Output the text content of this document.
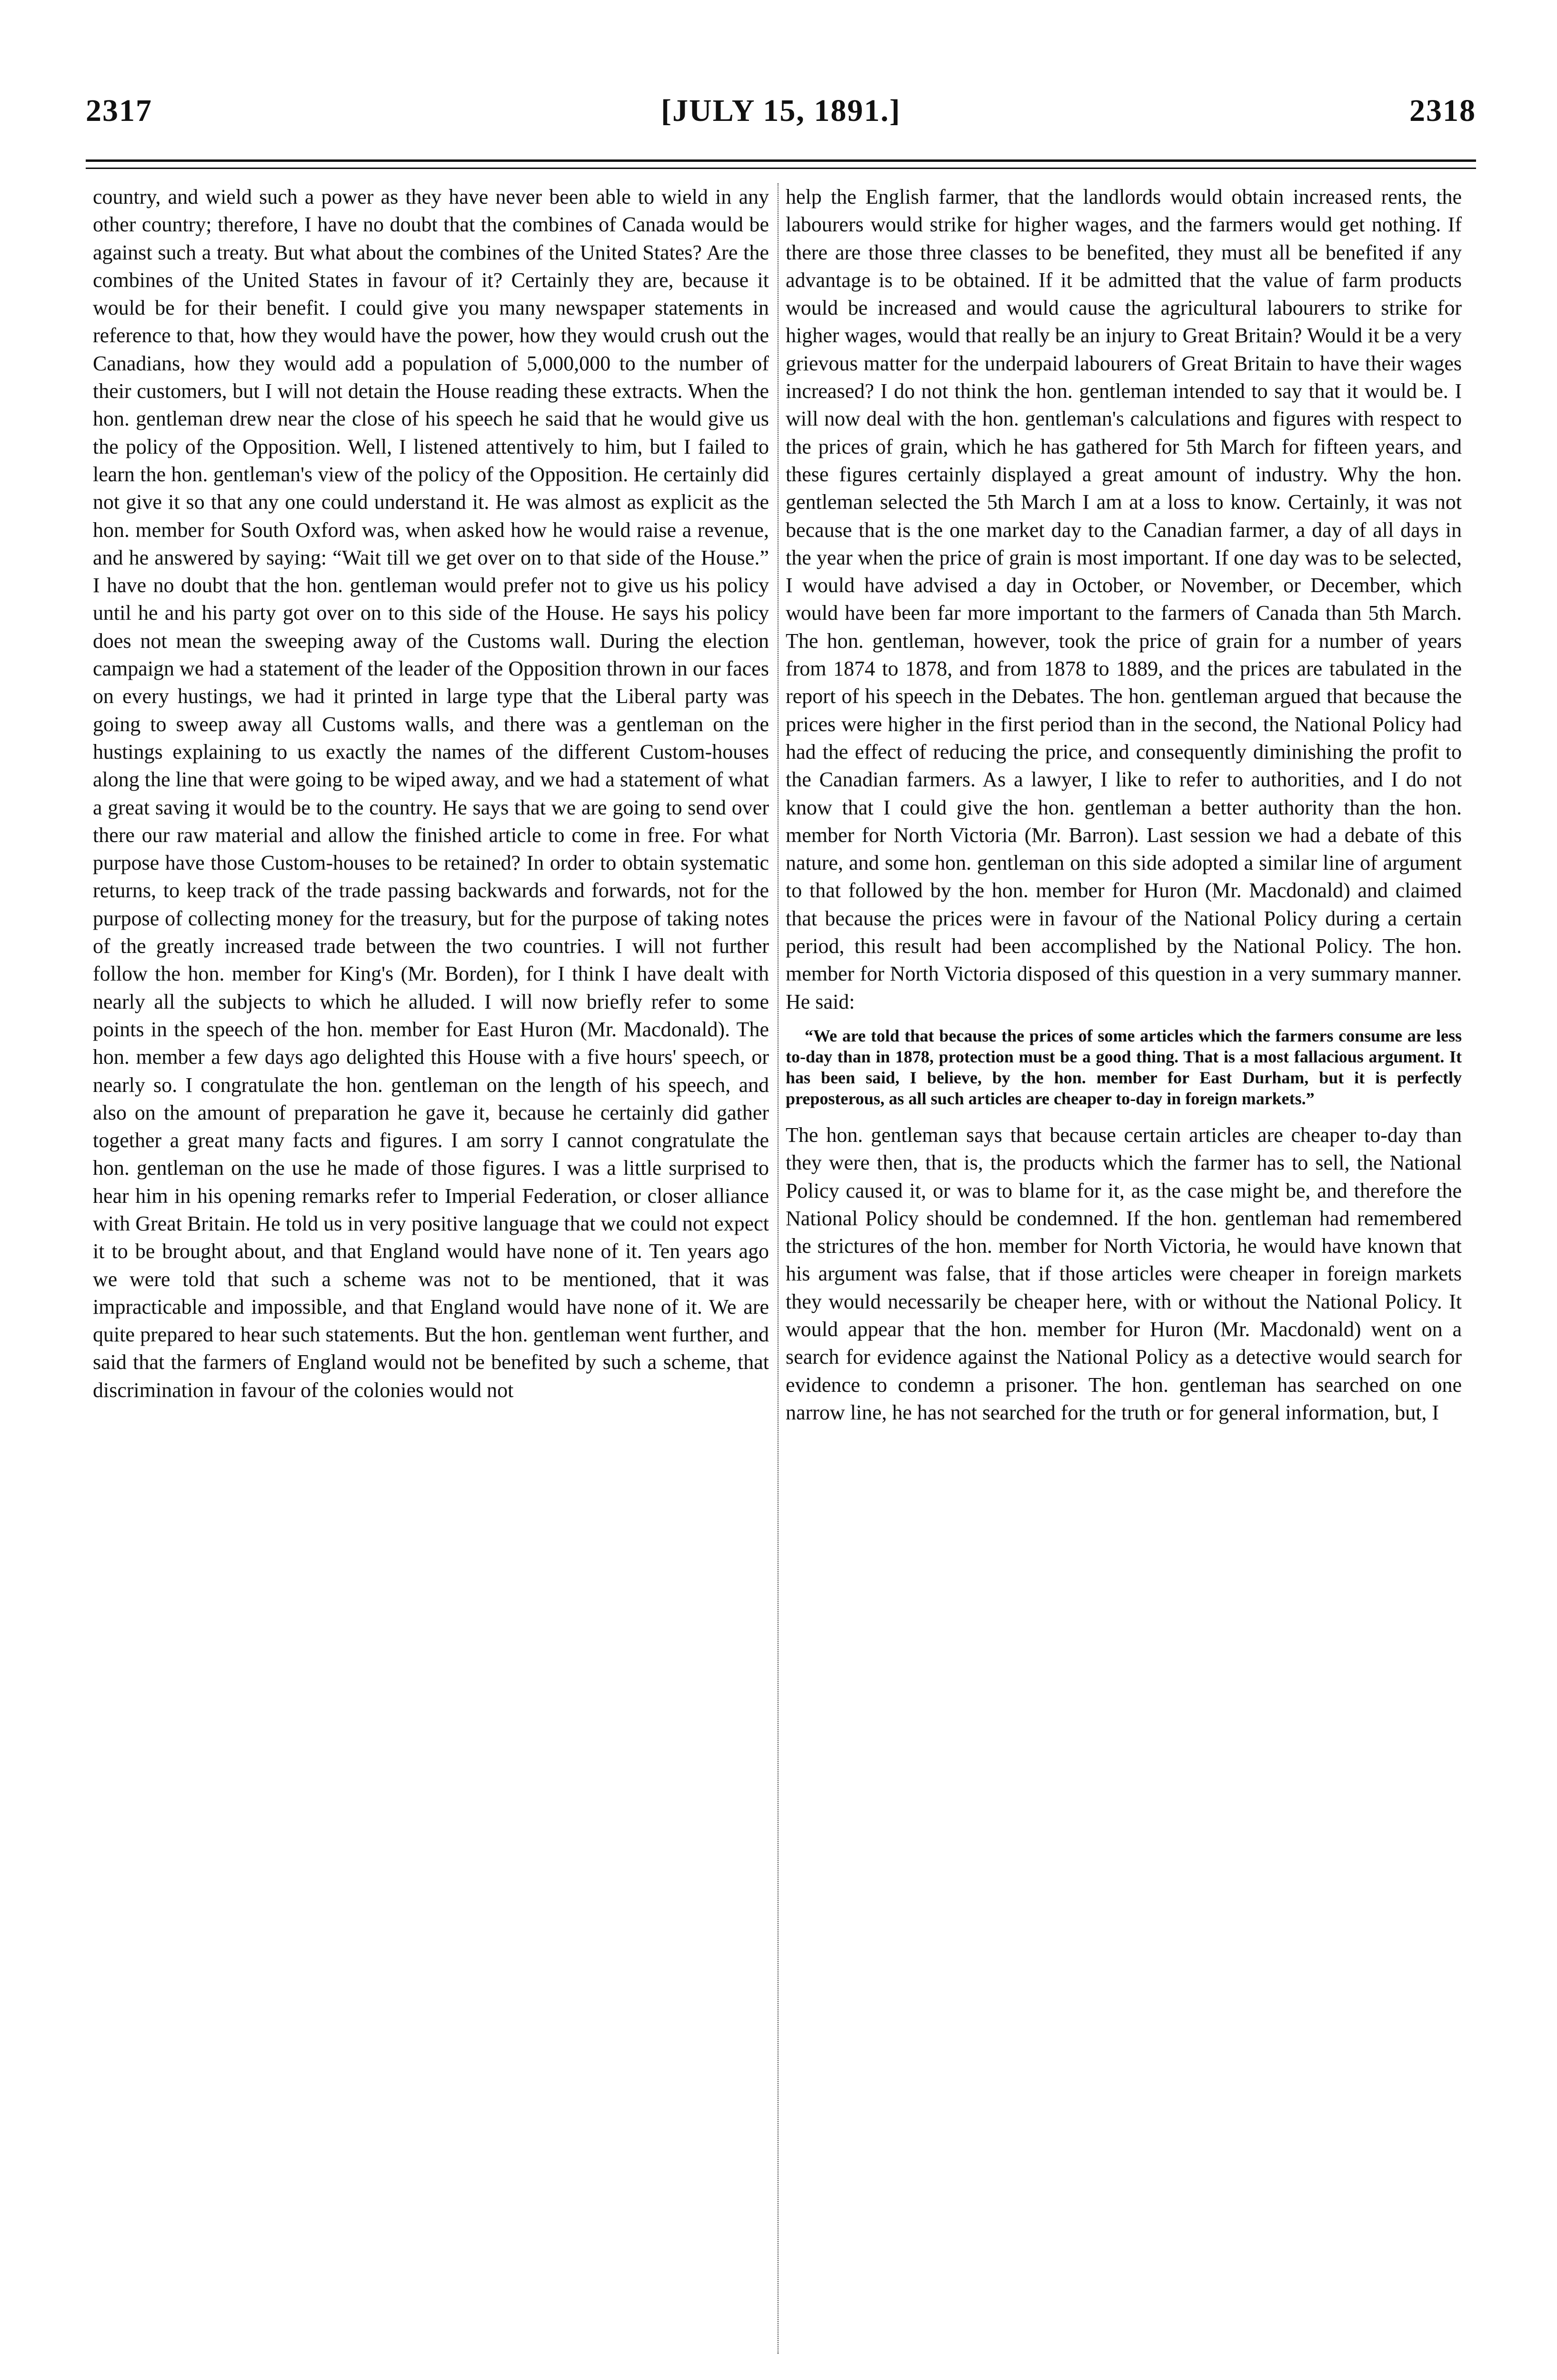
2317	[JULY 15, 1891.]	2318

country, and wield such a power as they have never been able to wield in any other country; therefore, I have no doubt that the combines of Canada would be against such a treaty. But what about the combines of the United States? Are the combines of the United States in favour of it? Certainly they are, because it would be for their benefit. I could give you many newspaper statements in reference to that, how they would have the power, how they would crush out the Canadians, how they would add a population of 5,000,000 to the number of their customers, but I will not detain the House reading these extracts. When the hon. gentleman drew near the close of his speech he said that he would give us the policy of the Opposition. Well, I listened attentively to him, but I failed to learn the hon. gentleman's view of the policy of the Opposition. He certainly did not give it so that any one could understand it. He was almost as explicit as the hon. member for South Oxford was, when asked how he would raise a revenue, and he answered by saying: “Wait till we get over on to that side of the House.” I have no doubt that the hon. gentleman would prefer not to give us his policy until he and his party got over on to this side of the House. He says his policy does not mean the sweeping away of the Customs wall. During the election campaign we had a statement of the leader of the Opposition thrown in our faces on every hustings, we had it printed in large type that the Liberal party was going to sweep away all Customs walls, and there was a gentleman on the hustings explaining to us exactly the names of the different Custom-houses along the line that were going to be wiped away, and we had a statement of what a great saving it would be to the country. He says that we are going to send over there our raw material and allow the finished article to come in free. For what purpose have those Custom-houses to be retained? In order to obtain systematic returns, to keep track of the trade passing backwards and forwards, not for the purpose of collecting money for the treasury, but for the purpose of taking notes of the greatly increased trade between the two countries. I will not further follow the hon. member for King's (Mr. Borden), for I think I have dealt with nearly all the subjects to which he alluded. I will now briefly refer to some points in the speech of the hon. member for East Huron (Mr. Macdonald). The hon. member a few days ago delighted this House with a five hours' speech, or nearly so. I congratulate the hon. gentleman on the length of his speech, and also on the amount of preparation he gave it, because he certainly did gather together a great many facts and figures. I am sorry I cannot congratulate the hon. gentleman on the use he made of those figures. I was a little surprised to hear him in his opening remarks refer to Imperial Federation, or closer alliance with Great Britain. He told us in very positive language that we could not expect it to be brought about, and that England would have none of it. Ten years ago we were told that such a scheme was not to be mentioned, that it was impracticable and impossible, and that England would have none of it. We are quite prepared to hear such statements. But the hon. gentleman went further, and said that the farmers of England would not be benefited by such a scheme, that discrimination in favour of the colonies would not

help the English farmer, that the landlords would obtain increased rents, the labourers would strike for higher wages, and the farmers would get nothing. If there are those three classes to be benefited, they must all be benefited if any advantage is to be obtained. If it be admitted that the value of farm products would be increased and would cause the agricultural labourers to strike for higher wages, would that really be an injury to Great Britain? Would it be a very grievous matter for the underpaid labourers of Great Britain to have their wages increased? I do not think the hon. gentleman intended to say that it would be. I will now deal with the hon. gentleman's calculations and figures with respect to the prices of grain, which he has gathered for 5th March for fifteen years, and these figures certainly displayed a great amount of industry. Why the hon. gentleman selected the 5th March I am at a loss to know. Certainly, it was not because that is the one market day to the Canadian farmer, a day of all days in the year when the price of grain is most important. If one day was to be selected, I would have advised a day in October, or November, or December, which would have been far more important to the farmers of Canada than 5th March. The hon. gentleman, however, took the price of grain for a number of years from 1874 to 1878, and from 1878 to 1889, and the prices are tabulated in the report of his speech in the Debates. The hon. gentleman argued that because the prices were higher in the first period than in the second, the National Policy had had the effect of reducing the price, and consequently diminishing the profit to the Canadian farmers. As a lawyer, I like to refer to authorities, and I do not know that I could give the hon. gentleman a better authority than the hon. member for North Victoria (Mr. Barron). Last session we had a debate of this nature, and some hon. gentleman on this side adopted a similar line of argument to that followed by the hon. member for Huron (Mr. Macdonald) and claimed that because the prices were in favour of the National Policy during a certain period, this result had been accomplished by the National Policy. The hon. member for North Victoria disposed of this question in a very summary manner. He said:

“We are told that because the prices of some articles which the farmers consume are less to-day than in 1878, protection must be a good thing. That is a most fallacious argument. It has been said, I believe, by the hon. member for East Durham, but it is perfectly preposterous, as all such articles are cheaper to-day in foreign markets.”

The hon. gentleman says that because certain articles are cheaper to-day than they were then, that is, the products which the farmer has to sell, the National Policy caused it, or was to blame for it, as the case might be, and therefore the National Policy should be condemned. If the hon. gentleman had remembered the strictures of the hon. member for North Victoria, he would have known that his argument was false, that if those articles were cheaper in foreign markets they would necessarily be cheaper here, with or without the National Policy. It would appear that the hon. member for Huron (Mr. Macdonald) went on a search for evidence against the National Policy as a detective would search for evidence to condemn a prisoner. The hon. gentleman has searched on one narrow line, he has not searched for the truth or for general information, but, I
